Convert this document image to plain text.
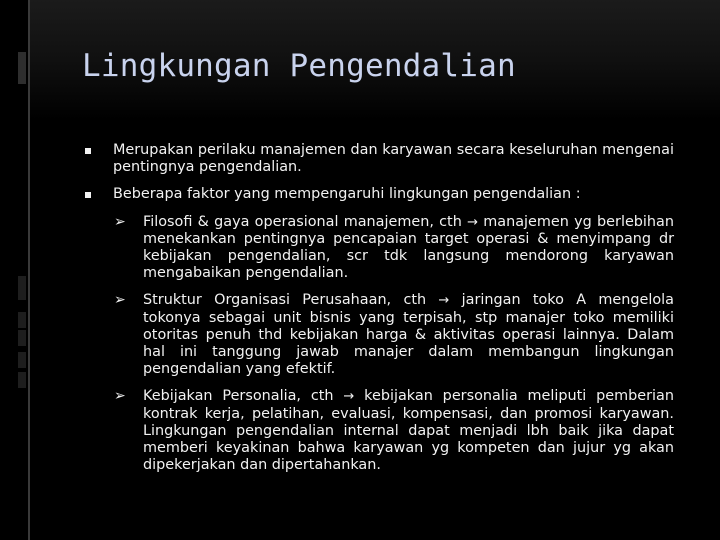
Lingkungan Pengendalian
Merupakan perilaku manajemen dan karyawan secara keseluruhan mengenai pentingnya pengendalian.
Beberapa faktor yang mempengaruhi lingkungan pengendalian :
➢ Filosofi & gaya operasional manajemen, cth → manajemen yg berlebihan menekankan pentingnya pencapaian target operasi & menyimpang dr kebijakan pengendalian, scr tdk langsung mendorong karyawan mengabaikan pengendalian.
➢ Struktur Organisasi Perusahaan, cth → jaringan toko A mengelola tokonya sebagai unit bisnis yang terpisah, stp manajer toko memiliki otoritas penuh thd kebijakan harga & aktivitas operasi lainnya. Dalam hal ini tanggung jawab manajer dalam membangun lingkungan pengendalian yang efektif.
➢ Kebijakan Personalia, cth → kebijakan personalia meliputi pemberian kontrak kerja, pelatihan, evaluasi, kompensasi, dan promosi karyawan. Lingkungan pengendalian internal dapat menjadi lbh baik jika dapat memberi keyakinan bahwa karyawan yg kompeten dan jujur yg akan dipekerjakan dan dipertahankan.
